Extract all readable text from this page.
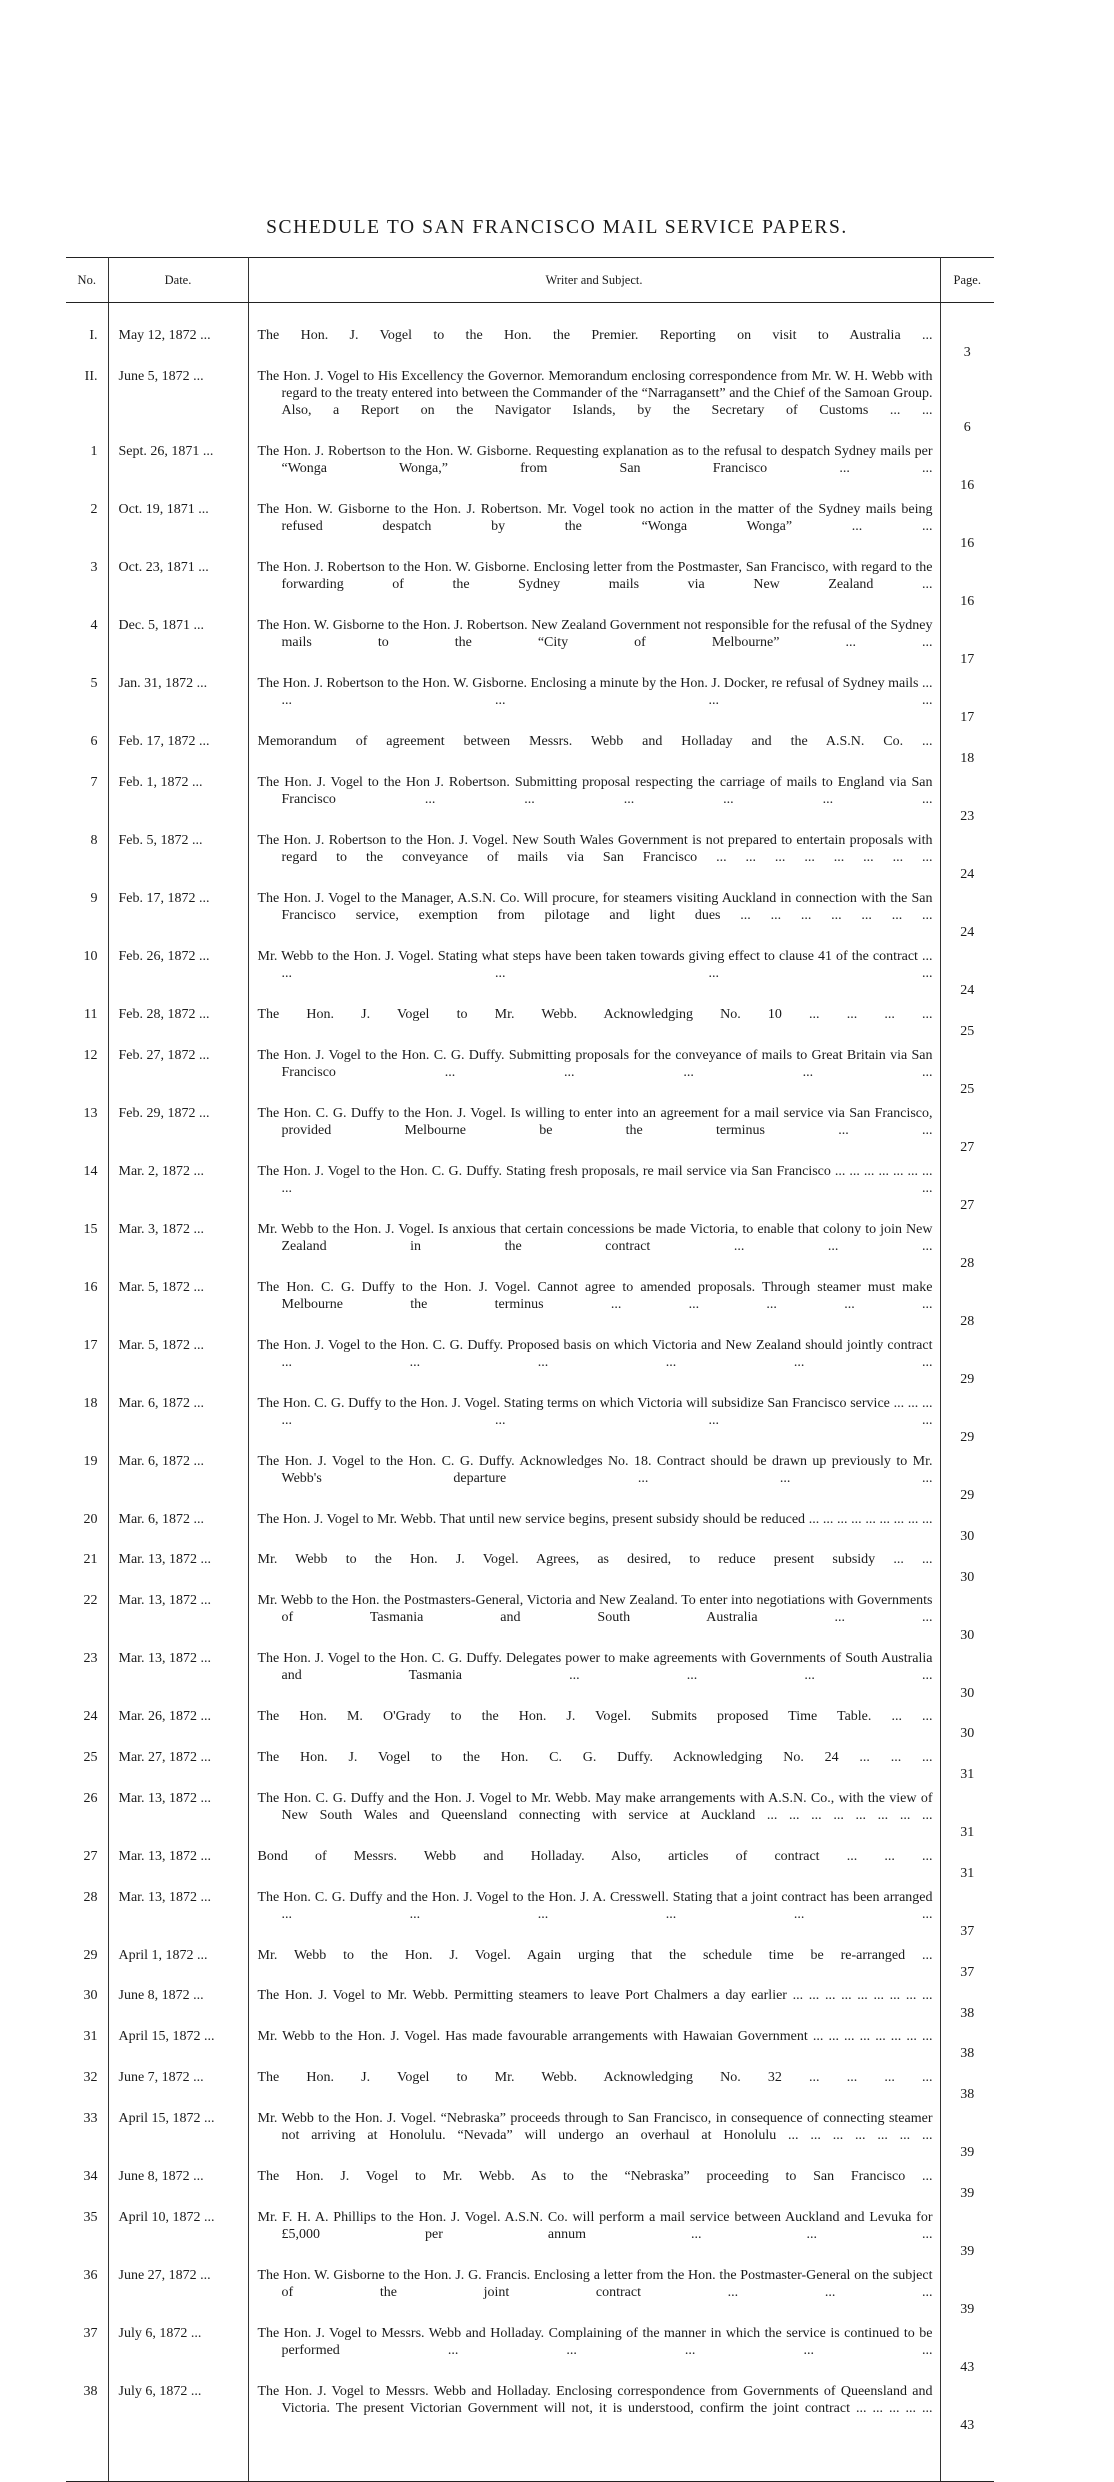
SCHEDULE TO SAN FRANCISCO MAIL SERVICE PAPERS.
No.	Date.	Writer and Subject.	Page.

I.	May 12, 1872 ...	The Hon. J. Vogel to the Hon. the Premier. Reporting on visit to Australia ...	3
II.	June 5, 1872 ...	The Hon. J. Vogel to His Excellency the Governor. Memorandum enclosing correspondence from Mr. W. H. Webb with regard to the treaty entered into between the Commander of the “Narragansett” and the Chief of the Samoan Group. Also, a Report on the Navigator Islands, by the Secretary of Customs ... ...	6
1	Sept. 26, 1871 ...	The Hon. J. Robertson to the Hon. W. Gisborne. Requesting explanation as to the refusal to despatch Sydney mails per “Wonga Wonga,” from San Francisco ... ...	16
2	Oct. 19, 1871 ...	The Hon. W. Gisborne to the Hon. J. Robertson. Mr. Vogel took no action in the matter of the Sydney mails being refused despatch by the “Wonga Wonga” ... ...	16
3	Oct. 23, 1871 ...	The Hon. J. Robertson to the Hon. W. Gisborne. Enclosing letter from the Postmaster, San Francisco, with regard to the forwarding of the Sydney mails via New Zealand ...	16
4	Dec. 5, 1871 ...	The Hon. W. Gisborne to the Hon. J. Robertson. New Zealand Government not responsible for the refusal of the Sydney mails to the “City of Melbourne” ... ...	17
5	Jan. 31, 1872 ...	The Hon. J. Robertson to the Hon. W. Gisborne. Enclosing a minute by the Hon. J. Docker, re refusal of Sydney mails ... ... ... ... ...	17
6	Feb. 17, 1872 ...	Memorandum of agreement between Messrs. Webb and Holladay and the A.S.N. Co. ...	18
7	Feb. 1, 1872 ...	The Hon. J. Vogel to the Hon J. Robertson. Submitting proposal respecting the carriage of mails to England via San Francisco ... ... ... ... ... ...	23
8	Feb. 5, 1872 ...	The Hon. J. Robertson to the Hon. J. Vogel. New South Wales Government is not prepared to entertain proposals with regard to the conveyance of mails via San Francisco ... ... ... ... ... ... ... ...	24
9	Feb. 17, 1872 ...	The Hon. J. Vogel to the Manager, A.S.N. Co. Will procure, for steamers visiting Auckland in connection with the San Francisco service, exemption from pilotage and light dues ... ... ... ... ... ... ...	24
10	Feb. 26, 1872 ...	Mr. Webb to the Hon. J. Vogel. Stating what steps have been taken towards giving effect to clause 41 of the contract ... ... ... ... ...	24
11	Feb. 28, 1872 ...	The Hon. J. Vogel to Mr. Webb. Acknowledging No. 10 ... ... ... ...	25
12	Feb. 27, 1872 ...	The Hon. J. Vogel to the Hon. C. G. Duffy. Submitting proposals for the conveyance of mails to Great Britain via San Francisco ... ... ... ... ...	25
13	Feb. 29, 1872 ...	The Hon. C. G. Duffy to the Hon. J. Vogel. Is willing to enter into an agreement for a mail service via San Francisco, provided Melbourne be the terminus ... ...	27
14	Mar. 2, 1872 ...	The Hon. J. Vogel to the Hon. C. G. Duffy. Stating fresh proposals, re mail service via San Francisco ... ... ... ... ... ... ... ... ...	27
15	Mar. 3, 1872 ...	Mr. Webb to the Hon. J. Vogel. Is anxious that certain concessions be made Victoria, to enable that colony to join New Zealand in the contract ... ... ...	28
16	Mar. 5, 1872 ...	The Hon. C. G. Duffy to the Hon. J. Vogel. Cannot agree to amended proposals. Through steamer must make Melbourne the terminus ... ... ... ... ...	28
17	Mar. 5, 1872 ...	The Hon. J. Vogel to the Hon. C. G. Duffy. Proposed basis on which Victoria and New Zealand should jointly contract ... ... ... ... ... ...	29
18	Mar. 6, 1872 ...	The Hon. C. G. Duffy to the Hon. J. Vogel. Stating terms on which Victoria will subsidize San Francisco service ... ... ... ... ... ... ...	29
19	Mar. 6, 1872 ...	The Hon. J. Vogel to the Hon. C. G. Duffy. Acknowledges No. 18. Contract should be drawn up previously to Mr. Webb's departure ... ... ...	29
20	Mar. 6, 1872 ...	The Hon. J. Vogel to Mr. Webb. That until new service begins, present subsidy should be reduced ... ... ... ... ... ... ... ... ...	30
21	Mar. 13, 1872 ...	Mr. Webb to the Hon. J. Vogel. Agrees, as desired, to reduce present subsidy ... ...	30
22	Mar. 13, 1872 ...	Mr. Webb to the Hon. the Postmasters-General, Victoria and New Zealand. To enter into negotiations with Governments of Tasmania and South Australia ... ...	30
23	Mar. 13, 1872 ...	The Hon. J. Vogel to the Hon. C. G. Duffy. Delegates power to make agreements with Governments of South Australia and Tasmania ... ... ... ...	30
24	Mar. 26, 1872 ...	The Hon. M. O'Grady to the Hon. J. Vogel. Submits proposed Time Table. ... ...	30
25	Mar. 27, 1872 ...	The Hon. J. Vogel to the Hon. C. G. Duffy. Acknowledging No. 24 ... ... ...	31
26	Mar. 13, 1872 ...	The Hon. C. G. Duffy and the Hon. J. Vogel to Mr. Webb. May make arrangements with A.S.N. Co., with the view of New South Wales and Queensland connecting with service at Auckland ... ... ... ... ... ... ... ...	31
27	Mar. 13, 1872 ...	Bond of Messrs. Webb and Holladay. Also, articles of contract ... ... ...	31
28	Mar. 13, 1872 ...	The Hon. C. G. Duffy and the Hon. J. Vogel to the Hon. J. A. Cresswell. Stating that a joint contract has been arranged ... ... ... ... ... ...	37
29	April 1, 1872 ...	Mr. Webb to the Hon. J. Vogel. Again urging that the schedule time be re-arranged ...	37
30	June 8, 1872 ...	The Hon. J. Vogel to Mr. Webb. Permitting steamers to leave Port Chalmers a day earlier ... ... ... ... ... ... ... ... ...	38
31	April 15, 1872 ...	Mr. Webb to the Hon. J. Vogel. Has made favourable arrangements with Hawaian Government ... ... ... ... ... ... ... ...	38
32	June 7, 1872 ...	The Hon. J. Vogel to Mr. Webb. Acknowledging No. 32 ... ... ... ...	38
33	April 15, 1872 ...	Mr. Webb to the Hon. J. Vogel. “Nebraska” proceeds through to San Francisco, in consequence of connecting steamer not arriving at Honolulu. “Nevada” will undergo an overhaul at Honolulu ... ... ... ... ... ... ...	39
34	June 8, 1872 ...	The Hon. J. Vogel to Mr. Webb. As to the “Nebraska” proceeding to San Francisco ...	39
35	April 10, 1872 ...	Mr. F. H. A. Phillips to the Hon. J. Vogel. A.S.N. Co. will perform a mail service between Auckland and Levuka for £5,000 per annum ... ... ...	39
36	June 27, 1872 ...	The Hon. W. Gisborne to the Hon. J. G. Francis. Enclosing a letter from the Hon. the Postmaster-General on the subject of the joint contract ... ... ...	39
37	July 6, 1872 ...	The Hon. J. Vogel to Messrs. Webb and Holladay. Complaining of the manner in which the service is continued to be performed ... ... ... ... ...	43
38	July 6, 1872 ...	The Hon. J. Vogel to Messrs. Webb and Holladay. Enclosing correspondence from Governments of Queensland and Victoria. The present Victorian Government will not, it is understood, confirm the joint contract ... ... ... ... ...	43
